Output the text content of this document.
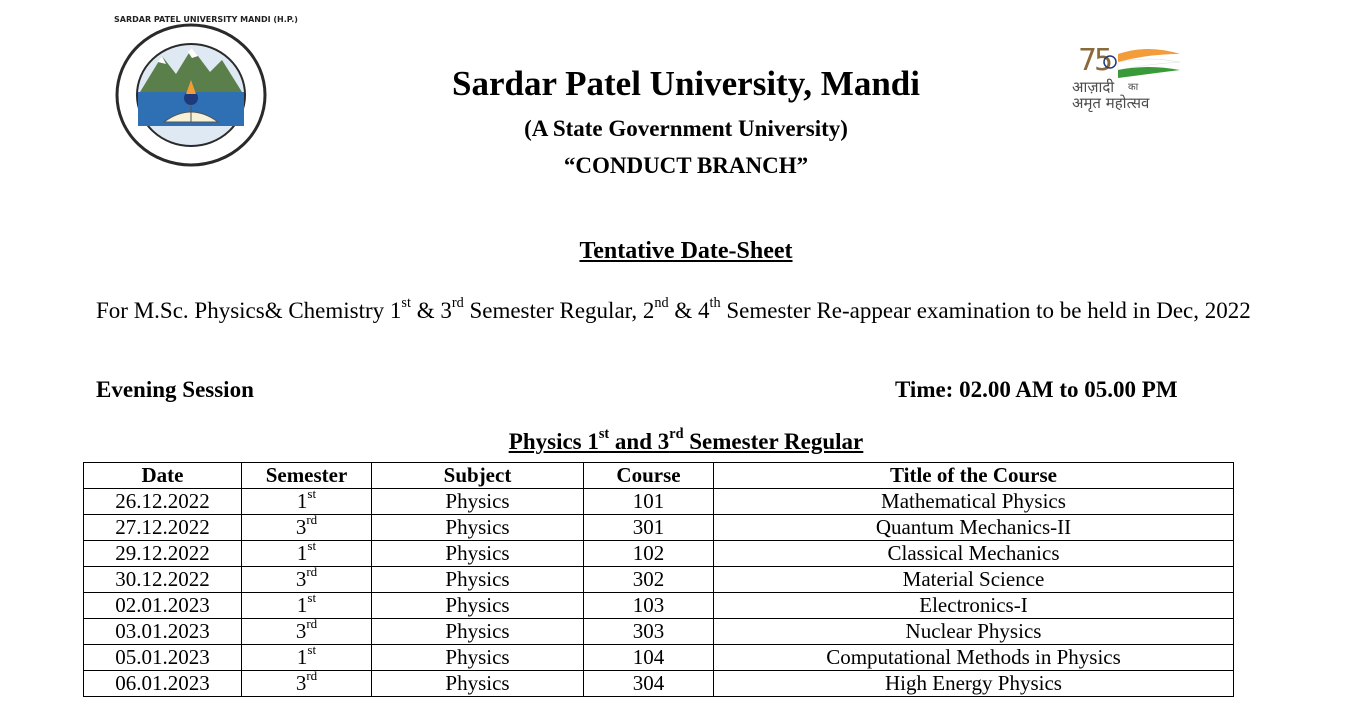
SARDAR PATEL UNIVERSITY MANDI (H.P.)
7
5
आज़ादी का
अमृत महोत्सव
Sardar Patel University, Mandi
(A State Government University)
“CONDUCT BRANCH”
Tentative Date-Sheet
For M.Sc. Physics& Chemistry 1st & 3rd Semester Regular, 2nd & 4th Semester Re-appear examination to be held in Dec, 2022
Evening Session	Time: 02.00 AM to 05.00 PM
Physics 1st and 3rd Semester Regular
Date	Semester	Subject	Course	Title of the Course
26.12.2022	1st	Physics	101	Mathematical Physics
27.12.2022	3rd	Physics	301	Quantum Mechanics-II
29.12.2022	1st	Physics	102	Classical Mechanics
30.12.2022	3rd	Physics	302	Material Science
02.01.2023	1st	Physics	103	Electronics-I
03.01.2023	3rd	Physics	303	Nuclear Physics
05.01.2023	1st	Physics	104	Computational Methods in Physics
06.01.2023	3rd	Physics	304	High Energy Physics
